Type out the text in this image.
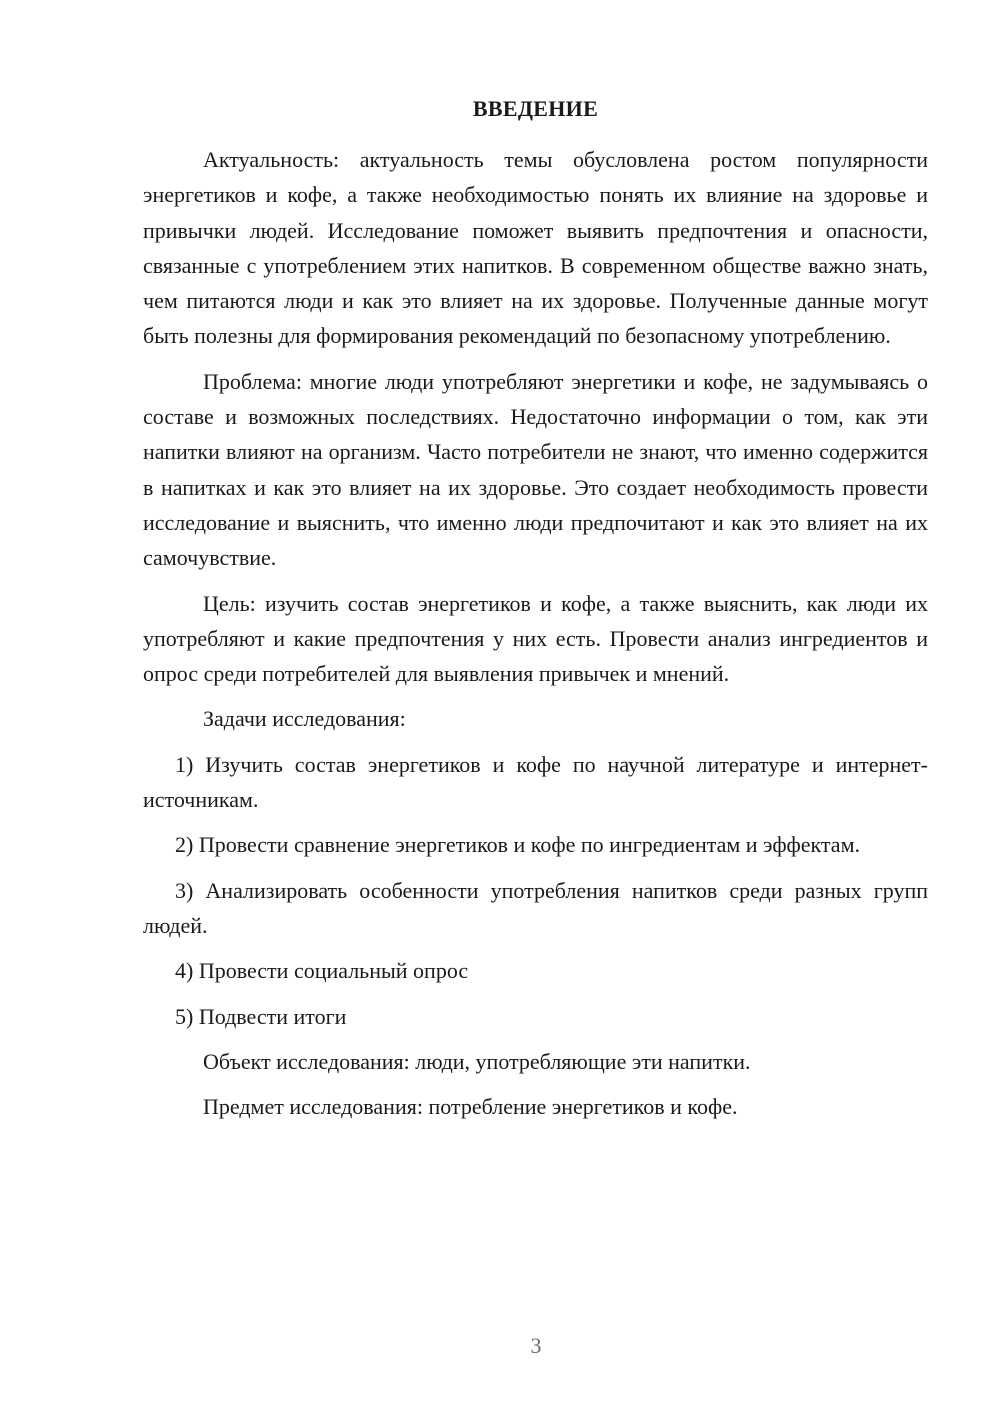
ВВЕДЕНИЕ

Актуальность: актуальность темы обусловлена ростом популярности энергетиков и кофе, а также необходимостью понять их влияние на здоровье и привычки людей. Исследование поможет выявить предпочтения и опасности, связанные с употреблением этих напитков. В современном обществе важно знать, чем питаются люди и как это влияет на их здоровье. Полученные данные могут быть полезны для формирования рекомендаций по безопасному употреблению.

Проблема: многие люди употребляют энергетики и кофе, не задумываясь о составе и возможных последствиях. Недостаточно информации о том, как эти напитки влияют на организм. Часто потребители не знают, что именно содержится в напитках и как это влияет на их здоровье. Это создает необходимость провести исследование и выяснить, что именно люди предпочитают и как это влияет на их самочувствие.

Цель: изучить состав энергетиков и кофе, а также выяснить, как люди их употребляют и какие предпочтения у них есть. Провести анализ ингредиентов и опрос среди потребителей для выявления привычек и мнений.

Задачи исследования:

1) Изучить состав энергетиков и кофе по научной литературе и интернет-источникам.

2) Провести сравнение энергетиков и кофе по ингредиентам и эффектам.

3) Анализировать особенности употребления напитков среди разных групп людей.

4) Провести социальный опрос

5) Подвести итоги

Объект исследования: люди, употребляющие эти напитки.

Предмет исследования: потребление энергетиков и кофе.

3
